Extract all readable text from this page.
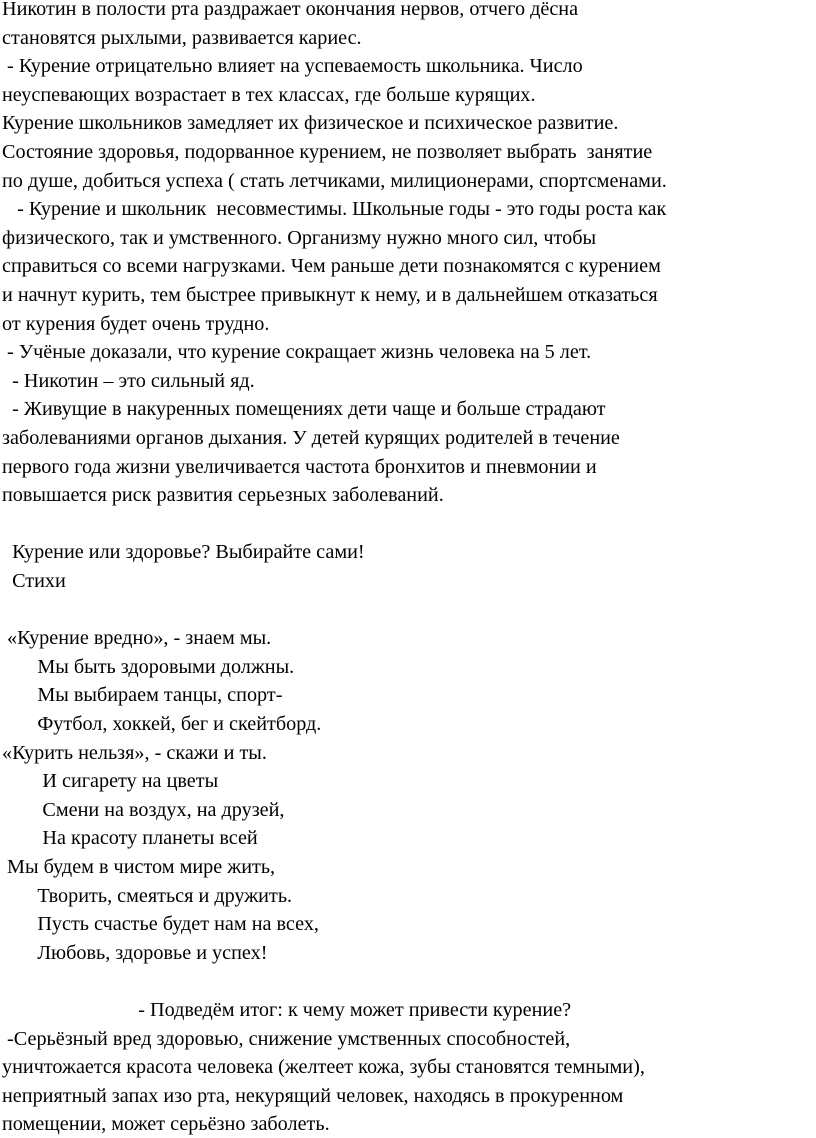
Никотин в полости рта раздражает окончания нервов, отчего дёсна
становятся рыхлыми, развивается кариес.
- Курение отрицательно влияет на успеваемость школьника. Число
неуспевающих возрастает в тех классах, где больше курящих.
Курение школьников замедляет их физическое и психическое развитие.
Состояние здоровья, подорванное курением, не позволяет выбрать  занятие
по душе, добиться успеха ( стать летчиками, милиционерами, спортсменами.
- Курение и школьник  несовместимы. Школьные годы - это годы роста как
физического, так и умственного. Организму нужно много сил, чтобы
справиться со всеми нагрузками. Чем раньше дети познакомятся с курением
и начнут курить, тем быстрее привыкнут к нему, и в дальнейшем отказаться
от курения будет очень трудно.
- Учёные доказали, что курение сокращает жизнь человека на 5 лет.
- Никотин – это сильный яд.
- Живущие в накуренных помещениях дети чаще и больше страдают
заболеваниями органов дыхания. У детей курящих родителей в течение
первого года жизни увеличивается частота бронхитов и пневмонии и
повышается риск развития серьезных заболеваний.
Курение или здоровье? Выбирайте сами!
Стихи
«Курение вредно», - знаем мы.
Мы быть здоровыми должны.
Мы выбираем танцы, спорт-
Футбол, хоккей, бег и скейтборд.
«Курить нельзя», - скажи и ты.
И сигарету на цветы
Смени на воздух, на друзей,
На красоту планеты всей
Мы будем в чистом мире жить,
Творить, смеяться и дружить.
Пусть счастье будет нам на всех,
Любовь, здоровье и успех!
- Подведём итог: к чему может привести курение?
-Серьёзный вред здоровью, снижение умственных способностей,
уничтожается красота человека (желтеет кожа, зубы становятся темными),
неприятный запах изо рта, некурящий человек, находясь в прокуренном
помещении, может серьёзно заболеть.
